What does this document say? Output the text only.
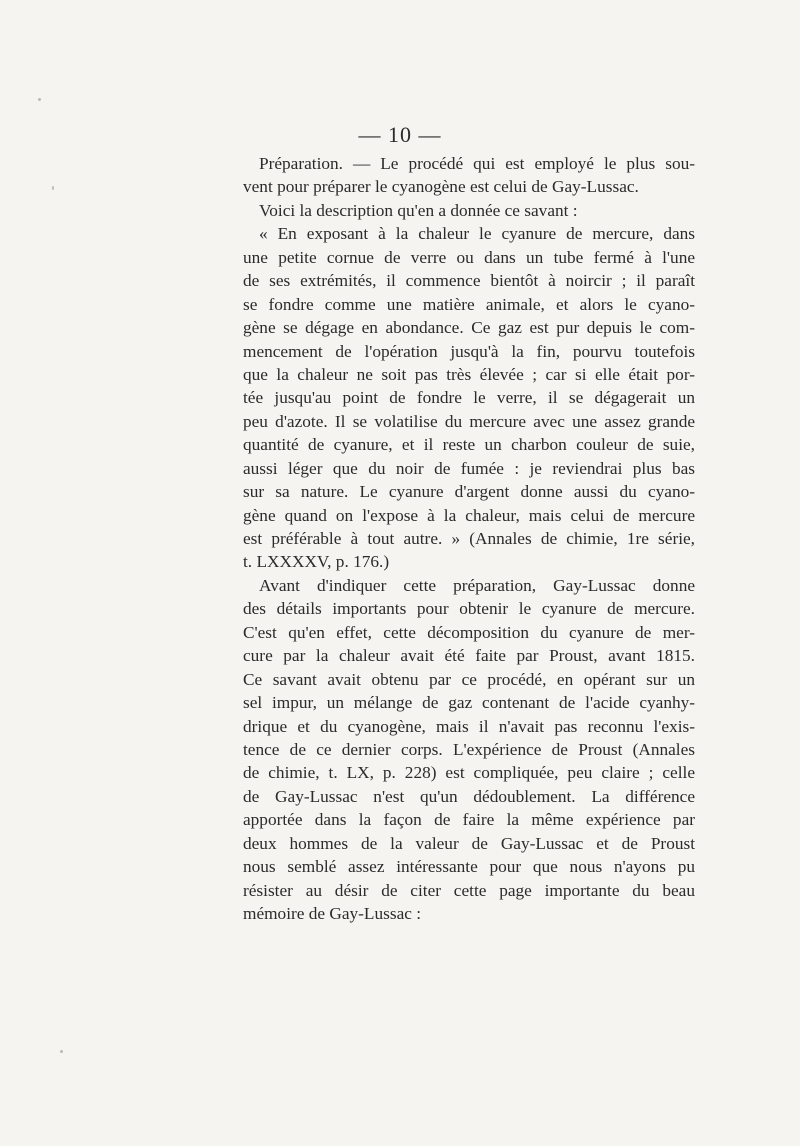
— 10 —
Préparation. — Le procédé qui est employé le plus sou-
vent pour préparer le cyanogène est celui de Gay-Lussac.
Voici la description qu'en a donnée ce savant :
« En exposant à la chaleur le cyanure de mercure, dans
une petite cornue de verre ou dans un tube fermé à l'une
de ses extrémités, il commence bientôt à noircir ; il paraît
se fondre comme une matière animale, et alors le cyano-
gène se dégage en abondance. Ce gaz est pur depuis le com-
mencement de l'opération jusqu'à la fin, pourvu toutefois
que la chaleur ne soit pas très élevée ; car si elle était por-
tée jusqu'au point de fondre le verre, il se dégagerait un
peu d'azote. Il se volatilise du mercure avec une assez grande
quantité de cyanure, et il reste un charbon couleur de suie,
aussi léger que du noir de fumée : je reviendrai plus bas
sur sa nature. Le cyanure d'argent donne aussi du cyano-
gène quand on l'expose à la chaleur, mais celui de mercure
est préférable à tout autre. » (Annales de chimie, 1re série,
t. LXXXXV, p. 176.)
Avant d'indiquer cette préparation, Gay-Lussac donne
des détails importants pour obtenir le cyanure de mercure.
C'est qu'en effet, cette décomposition du cyanure de mer-
cure par la chaleur avait été faite par Proust, avant 1815.
Ce savant avait obtenu par ce procédé, en opérant sur un
sel impur, un mélange de gaz contenant de l'acide cyanhy-
drique et du cyanogène, mais il n'avait pas reconnu l'exis-
tence de ce dernier corps. L'expérience de Proust (Annales
de chimie, t. LX, p. 228) est compliquée, peu claire ; celle
de Gay-Lussac n'est qu'un dédoublement. La différence
apportée dans la façon de faire la même expérience par
deux hommes de la valeur de Gay-Lussac et de Proust
nous semblé assez intéressante pour que nous n'ayons pu
résister au désir de citer cette page importante du beau
mémoire de Gay-Lussac :
